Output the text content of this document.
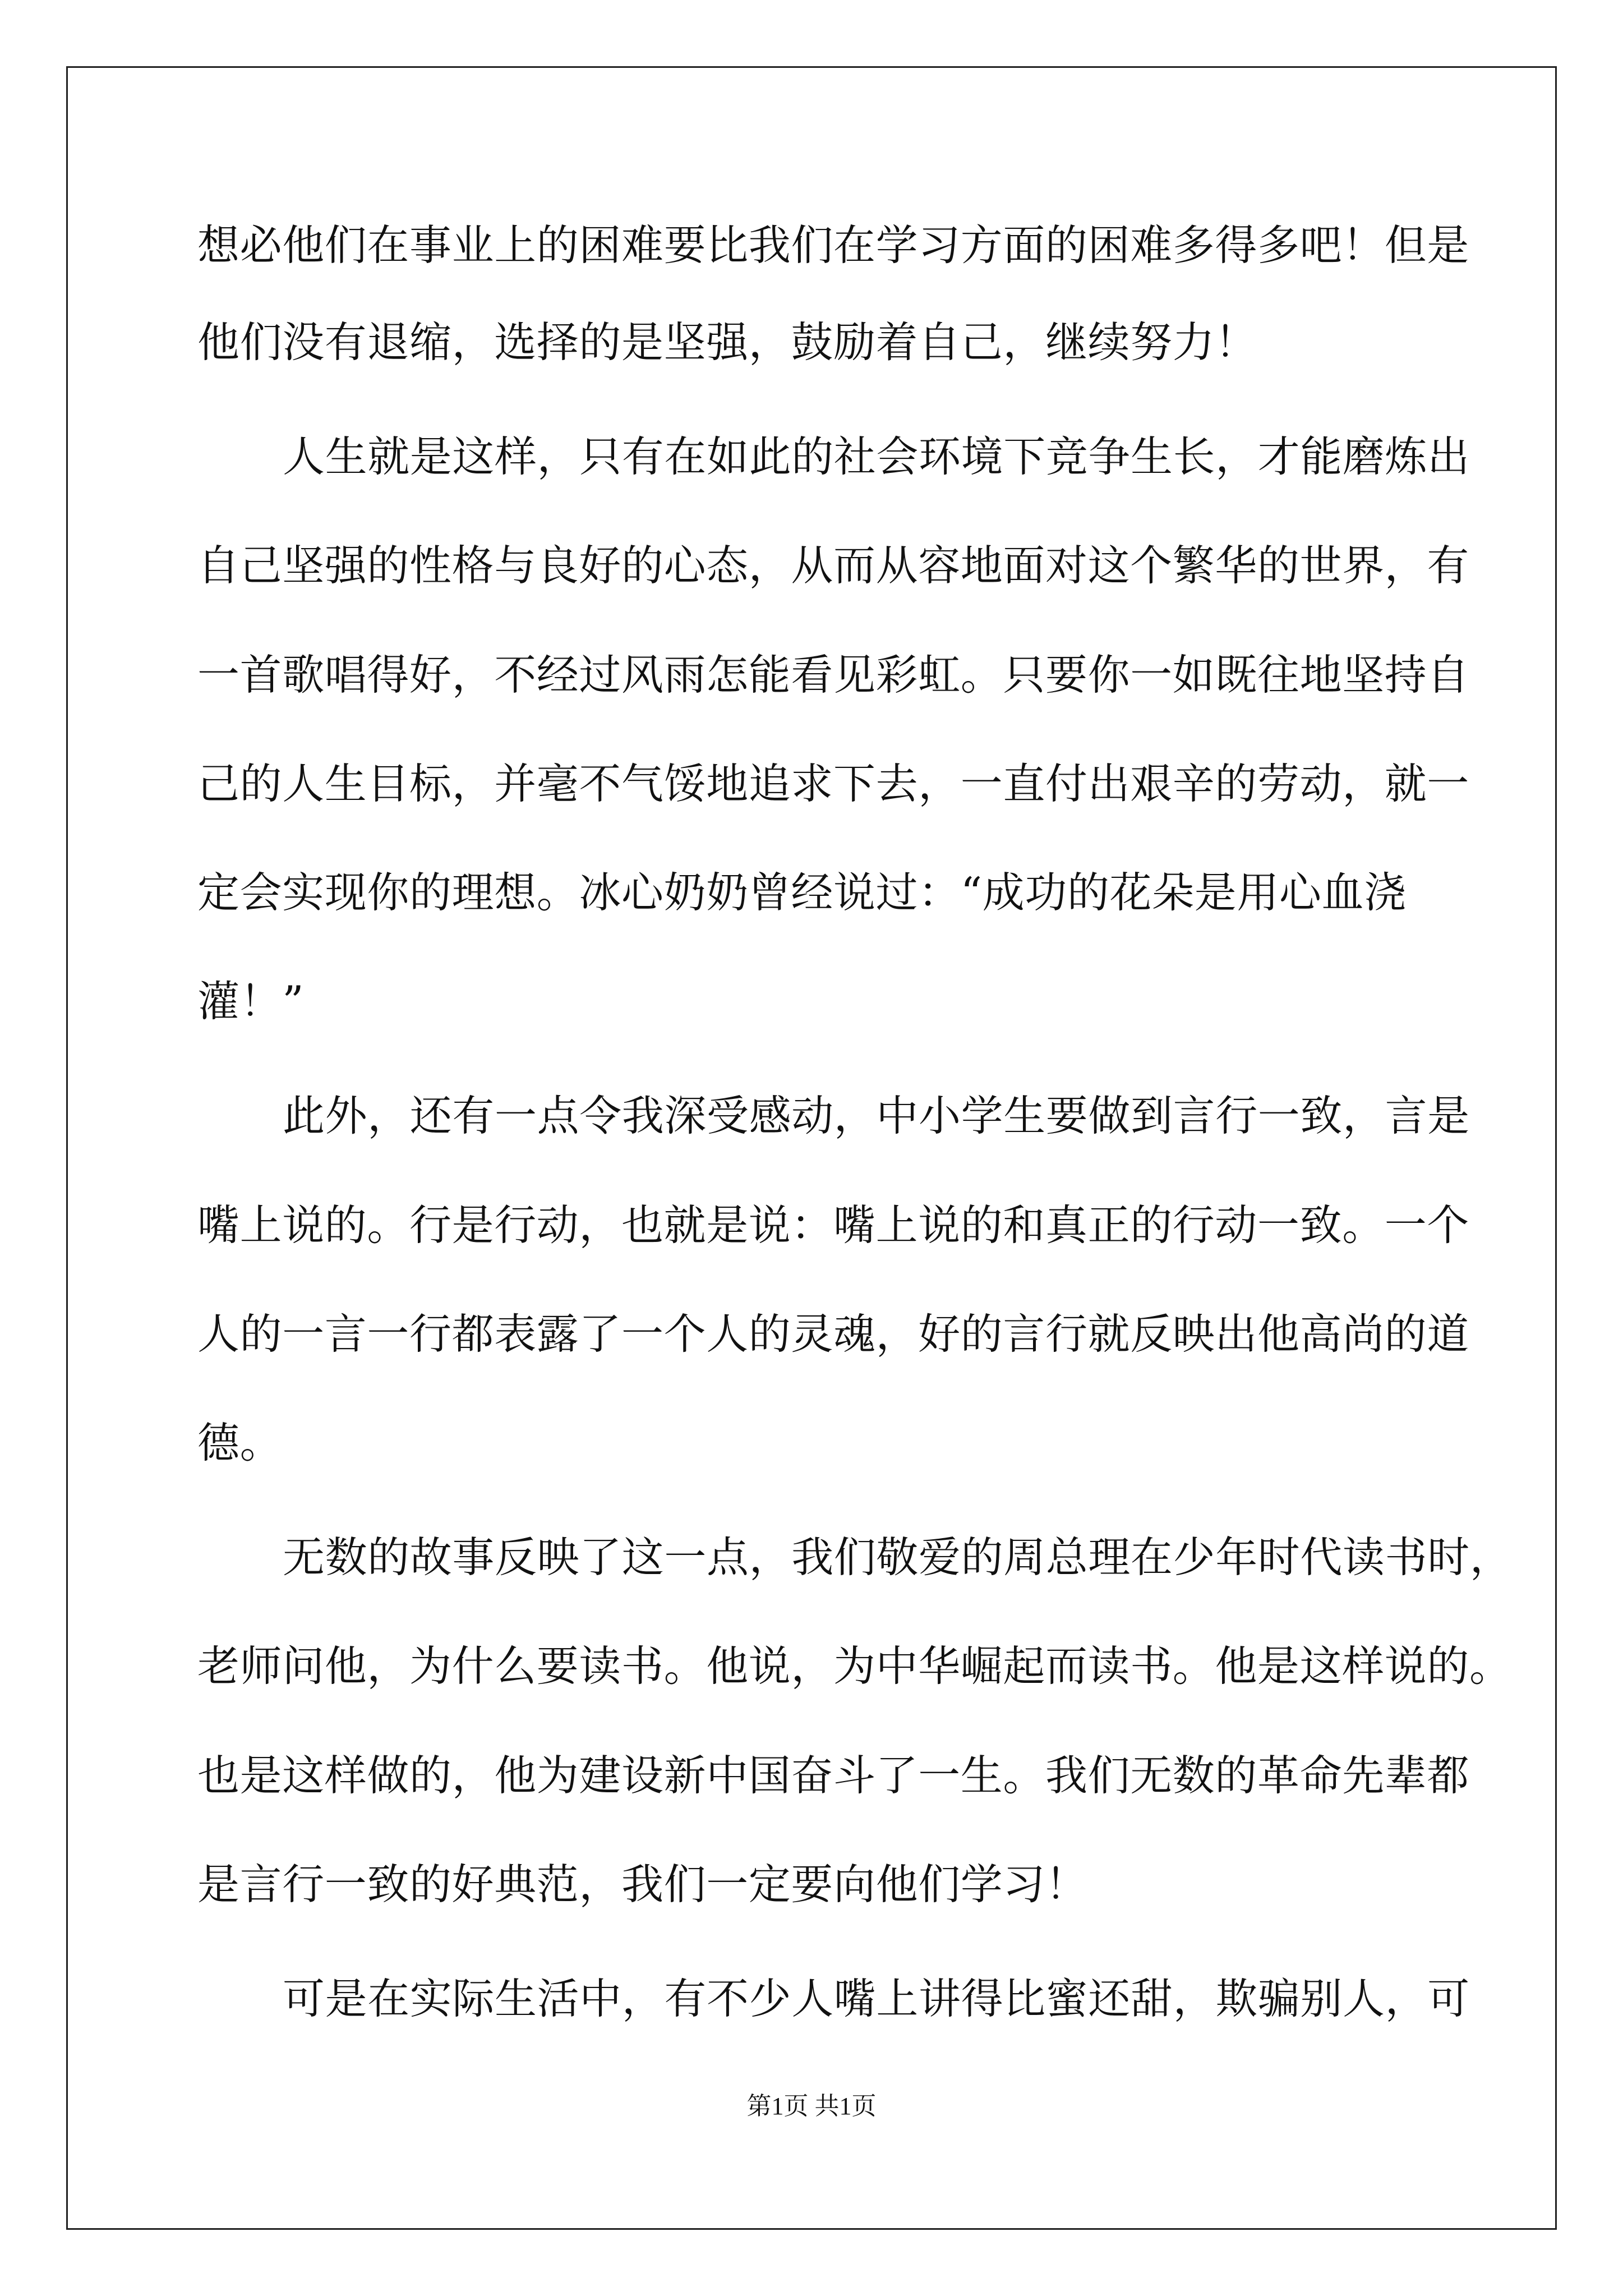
想必他们在事业上的困难要比我们在学习方面的困难多得多吧！但是
他们没有退缩，选择的是坚强，鼓励着自己，继续努力！
人生就是这样，只有在如此的社会环境下竞争生长，才能磨炼出
自己坚强的性格与良好的心态，从而从容地面对这个繁华的世界，有
一首歌唱得好，不经过风雨怎能看见彩虹。只要你一如既往地坚持自
己的人生目标，并毫不气馁地追求下去，一直付出艰辛的劳动，就一
定会实现你的理想。冰心奶奶曾经说过：“成功的花朵是用心血浇
灌！”
此外，还有一点令我深受感动，中小学生要做到言行一致，言是
嘴上说的。行是行动，也就是说：嘴上说的和真正的行动一致。一个
人的一言一行都表露了一个人的灵魂，好的言行就反映出他高尚的道
德。
无数的故事反映了这一点，我们敬爱的周总理在少年时代读书时，
老师问他，为什么要读书。他说，为中华崛起而读书。他是这样说的。
也是这样做的，他为建设新中国奋斗了一生。我们无数的革命先辈都
是言行一致的好典范，我们一定要向他们学习！
可是在实际生活中，有不少人嘴上讲得比蜜还甜，欺骗别人，可
第1页 共1页
